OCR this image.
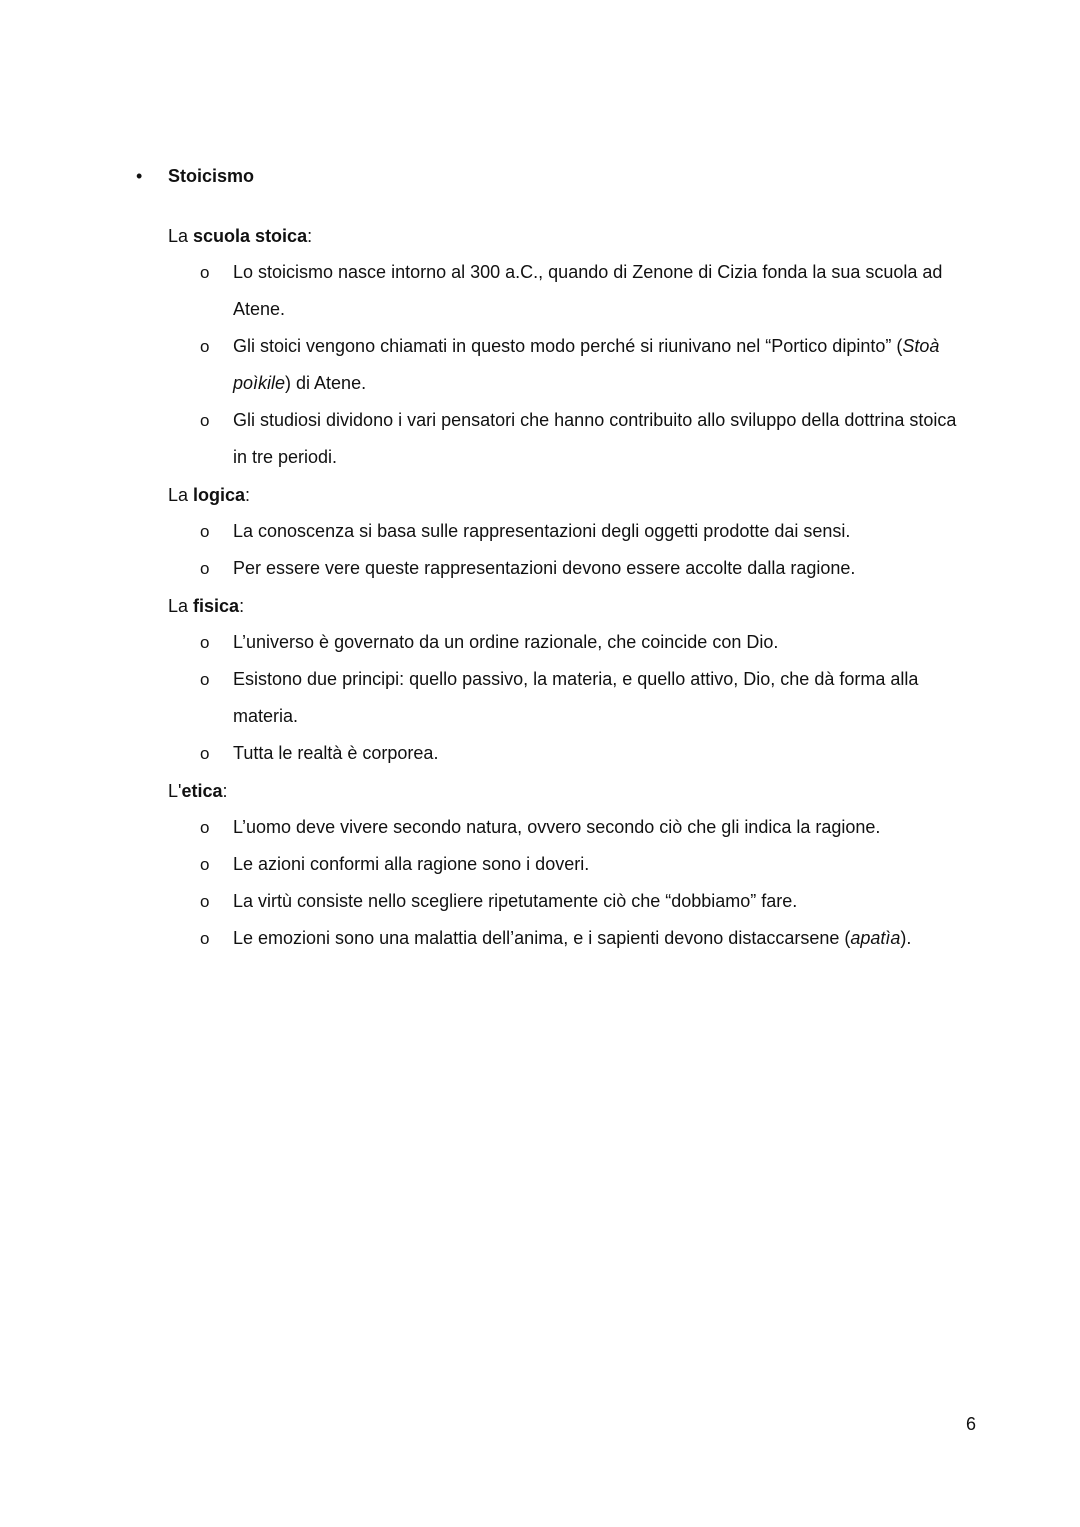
• Stoicismo
La scuola stoica:
o Lo stoicismo nasce intorno al 300 a.C., quando di Zenone di Cizia fonda la sua scuola ad Atene.
o Gli stoici vengono chiamati in questo modo perché si riunivano nel “Portico dipinto” (Stoà poìkile) di Atene.
o Gli studiosi dividono i vari pensatori che hanno contribuito allo sviluppo della dottrina stoica in tre periodi.
La logica:
o La conoscenza si basa sulle rappresentazioni degli oggetti prodotte dai sensi.
o Per essere vere queste rappresentazioni devono essere accolte dalla ragione.
La fisica:
o L’universo è governato da un ordine razionale, che coincide con Dio.
o Esistono due principi: quello passivo, la materia, e quello attivo, Dio, che dà forma alla materia.
o Tutta le realtà è corporea.
L'etica:
o L’uomo deve vivere secondo natura, ovvero secondo ciò che gli indica la ragione.
o Le azioni conformi alla ragione sono i doveri.
o La virtù consiste nello scegliere ripetutamente ciò che “dobbiamo” fare.
o Le emozioni sono una malattia dell’anima, e i sapienti devono distaccarsene (apatìa).
6
